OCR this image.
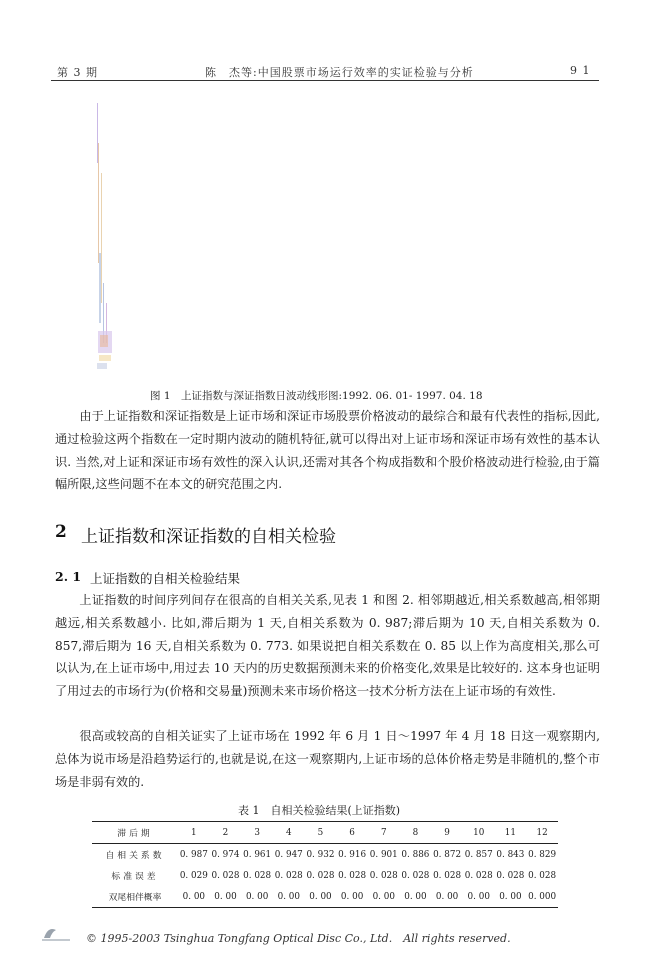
第 3 期	陈　杰等:中国股票市场运行效率的实证检验与分析	9 1
图 1　上证指数与深证指数日波动线形图:1992. 06. 01- 1997. 04. 18

由于上证指数和深证指数是上证市场和深证市场股票价格波动的最综合和最有代表性的指标,因此,通过检验这两个指数在一定时期内波动的随机特征,就可以得出对上证市场和深证市场有效性的基本认识. 当然,对上证和深证市场有效性的深入认识,还需对其各个构成指数和个股价格波动进行检验,由于篇幅所限,这些问题不在本文的研究范围之内.

2 上证指数和深证指数的自相关检验
2. 1 上证指数的自相关检验结果

上证指数的时间序列间存在很高的自相关关系,见表 1 和图 2. 相邻期越近,相关系数越高,相邻期越远,相关系数越小. 比如,滞后期为 1 天,自相关系数为 0. 987;滞后期为 10 天,自相关系数为 0. 857,滞后期为 16 天,自相关系数为 0. 773. 如果说把自相关系数在 0. 85 以上作为高度相关,那么可以认为,在上证市场中,用过去 10 天内的历史数据预测未来的价格变化,效果是比较好的. 这本身也证明了用过去的市场行为(价格和交易量)预测未来市场价格这一技术分析方法在上证市场的有效性.

很高或较高的自相关证实了上证市场在 1992 年 6 月 1 日～1997 年 4 月 18 日这一观察期内,总体为说市场是沿趋势运行的,也就是说,在这一观察期内,上证市场的总体价格走势是非随机的,整个市场是非弱有效的.

表 1　自相关检验结果(上证指数)
滞后期	1	2	3	4	5	6	7	8	9	10	11	12
自相关系数	0. 987	0. 974	0. 961	0. 947	0. 932	0. 916	0. 901	0. 886	0. 872	0. 857	0. 843	0. 829
标准误差	0. 029	0. 028	0. 028	0. 028	0. 028	0. 028	0. 028	0. 028	0. 028	0. 028	0. 028	0. 028
双尾相伴概率	0. 00	0. 00	0. 00	0. 00	0. 00	0. 00	0. 00	0. 00	0. 00	0. 00	0. 00	0. 000
© 1995-2003 Tsinghua Tongfang Optical Disc Co., Ltd.　All rights reserved.
